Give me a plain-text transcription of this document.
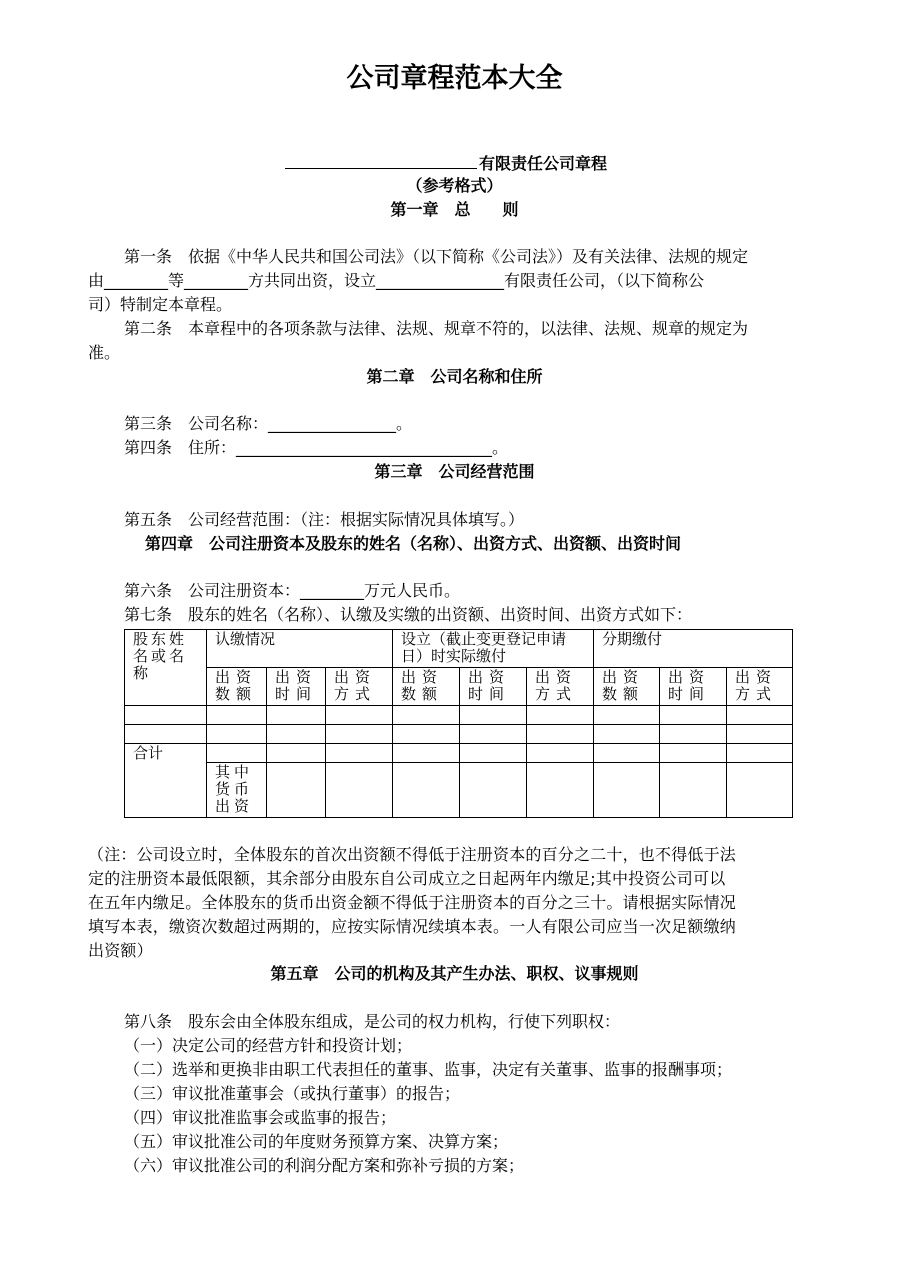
公司章程范本大全
有限责任公司章程
（参考格式）
第一章　总　　则
第一条　依据《中华人民共和国公司法》（以下简称《公司法》）及有关法律、法规的规定
由________等________方共同出资，设立________________有限责任公司，（以下简称公
司）特制定本章程。
第二条　本章程中的各项条款与法律、法规、规章不符的，以法律、法规、规章的规定为
准。
第二章　公司名称和住所
第三条　公司名称：________________。
第四条　住所：________________________________。
第三章　公司经营范围
第五条　公司经营范围：（注：根据实际情况具体填写。）
第四章　公司注册资本及股东的姓名（名称）、出资方式、出资额、出资时间
第六条　公司注册资本：________万元人民币。
第七条　股东的姓名（名称）、认缴及实缴的出资额、出资时间、出资方式如下：
股东姓名或名称	认缴情况			设立（截止变更登记申请日）时实际缴付			分期缴付		
	出资数额	出资时间	出资方式	出资数额	出资时间	出资方式	出资数额	出资时间	出资方式

合计									
	其中货币出资								
（注：公司设立时，全体股东的首次出资额不得低于注册资本的百分之二十，也不得低于法
定的注册资本最低限额，其余部分由股东自公司成立之日起两年内缴足;其中投资公司可以
在五年内缴足。全体股东的货币出资金额不得低于注册资本的百分之三十。请根据实际情况
填写本表，缴资次数超过两期的，应按实际情况续填本表。一人有限公司应当一次足额缴纳
出资额）
第五章　公司的机构及其产生办法、职权、议事规则
第八条　股东会由全体股东组成，是公司的权力机构，行使下列职权：
（一）决定公司的经营方针和投资计划；
（二）选举和更换非由职工代表担任的董事、监事，决定有关董事、监事的报酬事项；
（三）审议批准董事会（或执行董事）的报告；
（四）审议批准监事会或监事的报告；
（五）审议批准公司的年度财务预算方案、决算方案；
（六）审议批准公司的利润分配方案和弥补亏损的方案；
